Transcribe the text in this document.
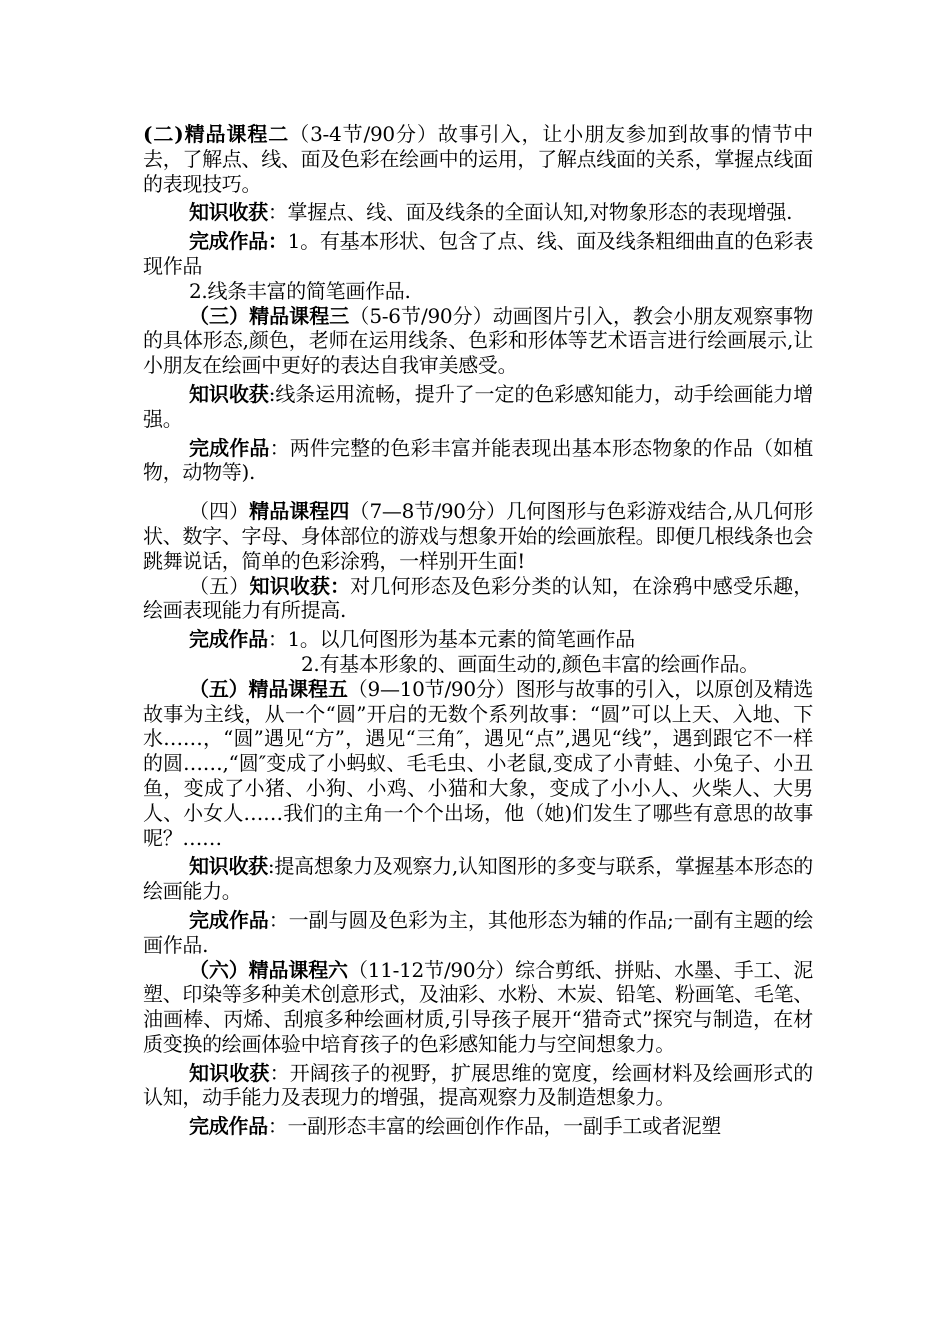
(二)精品课程二（3-4节/90分）故事引入，让小朋友参加到故事的情节中去，了解点、线、面及色彩在绘画中的运用，了解点线面的关系，掌握点线面的表现技巧。

知识收获：掌握点、线、面及线条的全面认知,对物象形态的表现增强.

完成作品：1。有基本形状、包含了点、线、面及线条粗细曲直的色彩表现作品

2.线条丰富的简笔画作品.

（三）精品课程三（5-6节/90分）动画图片引入，教会小朋友观察事物的具体形态,颜色，老师在运用线条、色彩和形体等艺术语言进行绘画展示,让小朋友在绘画中更好的表达自我审美感受。

知识收获:线条运用流畅，提升了一定的色彩感知能力，动手绘画能力增强。

完成作品：两件完整的色彩丰富并能表现出基本形态物象的作品（如植物，动物等).

（四）精品课程四（7—8节/90分）几何图形与色彩游戏结合,从几何形状、数字、字母、身体部位的游戏与想象开始的绘画旅程。即便几根线条也会跳舞说话，简单的色彩涂鸦，一样别开生面!

（五）知识收获：对几何形态及色彩分类的认知，在涂鸦中感受乐趣，绘画表现能力有所提高.

完成作品：1。以几何图形为基本元素的简笔画作品

2.有基本形象的、画面生动的,颜色丰富的绘画作品。

（五）精品课程五（9—10节/90分）图形与故事的引入，以原创及精选故事为主线，从一个“圆”开启的无数个系列故事：“圆”可以上天、入地、下水……，“圆”遇见“方”，遇见“三角″，遇见“点”,遇见“线”，遇到跟它不一样的圆……,“圆″变成了小蚂蚁、毛毛虫、小老鼠,变成了小青蛙、小兔子、小丑鱼，变成了小猪、小狗、小鸡、小猫和大象，变成了小小人、火柴人、大男人、小女人……我们的主角一个个出场，他（她)们发生了哪些有意思的故事呢？……

知识收获:提高想象力及观察力,认知图形的多变与联系，掌握基本形态的绘画能力。

完成作品：一副与圆及色彩为主，其他形态为辅的作品;一副有主题的绘画作品.

（六）精品课程六（11-12节/90分）综合剪纸、拼贴、水墨、手工、泥塑、印染等多种美术创意形式，及油彩、水粉、木炭、铅笔、粉画笔、毛笔、油画棒、丙烯、刮痕多种绘画材质,引导孩子展开“猎奇式”探究与制造，在材质变换的绘画体验中培育孩子的色彩感知能力与空间想象力。

知识收获：开阔孩子的视野，扩展思维的宽度，绘画材料及绘画形式的认知，动手能力及表现力的增强，提高观察力及制造想象力。

完成作品：一副形态丰富的绘画创作作品，一副手工或者泥塑
